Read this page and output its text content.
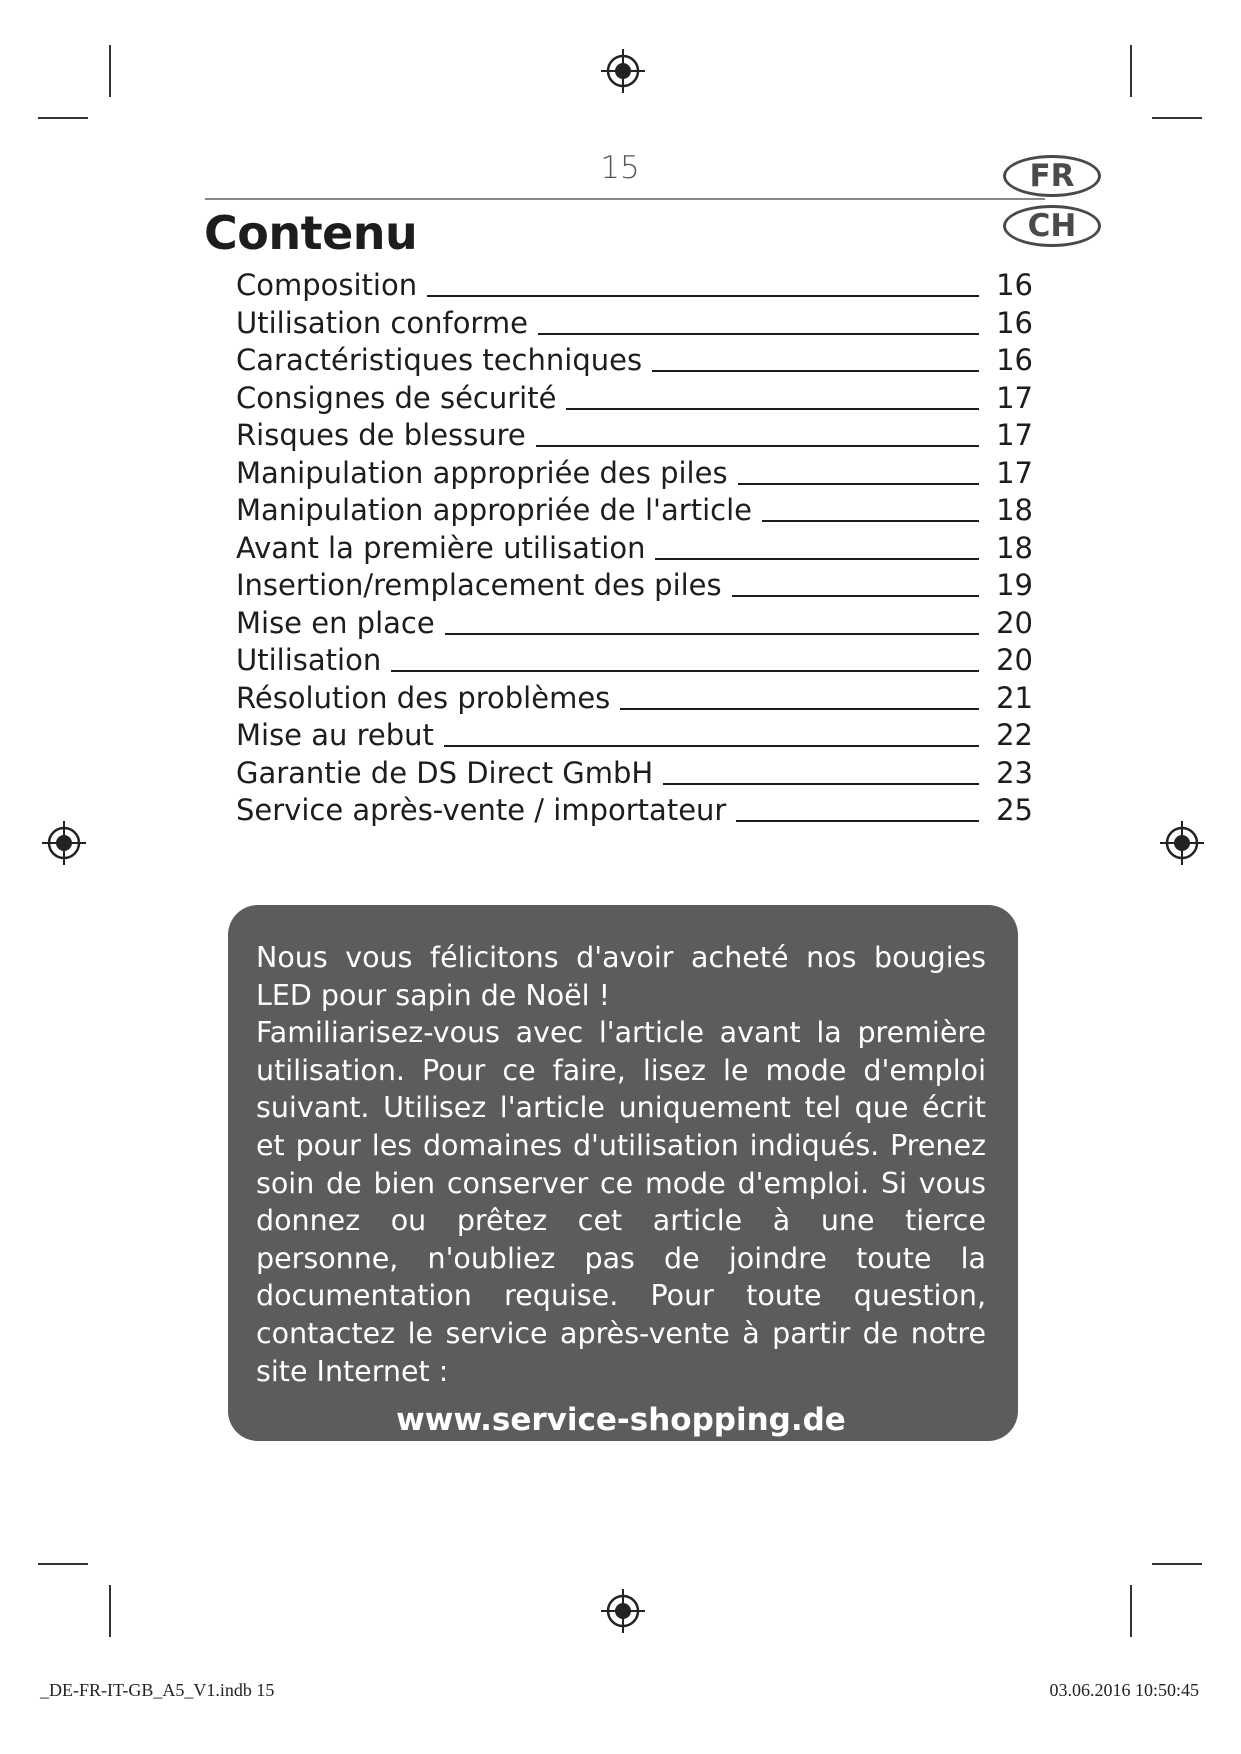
15	FR
CH
Contenu
Composition	16
Utilisation conforme	16
Caractéristiques techniques	16
Consignes de sécurité	17
Risques de blessure	17
Manipulation appropriée des piles	17
Manipulation appropriée de l'article	18
Avant la première utilisation	18
Insertion/remplacement des piles	19
Mise en place	20
Utilisation	20
Résolution des problèmes	21
Mise au rebut	22
Garantie de DS Direct GmbH	23
Service après-vente / importateur	25

Nous vous félicitons d'avoir acheté nos bougies LED pour sapin de Noël !

Familiarisez-vous avec l'article avant la première utilisation. Pour ce faire, lisez le mode d'emploi suivant. Utilisez l'article uniquement tel que écrit et pour les domaines d'utilisation indiqués. Prenez soin de bien conserver ce mode d'emploi. Si vous donnez ou prêtez cet article à une tierce personne, n'oubliez pas de joindre toute la documentation requise. Pour toute question, contactez le service après-vente à partir de notre site Internet :

www.service-shopping.de
_DE-FR-IT-GB_A5_V1.indb 15	03.06.2016 10:50:45
